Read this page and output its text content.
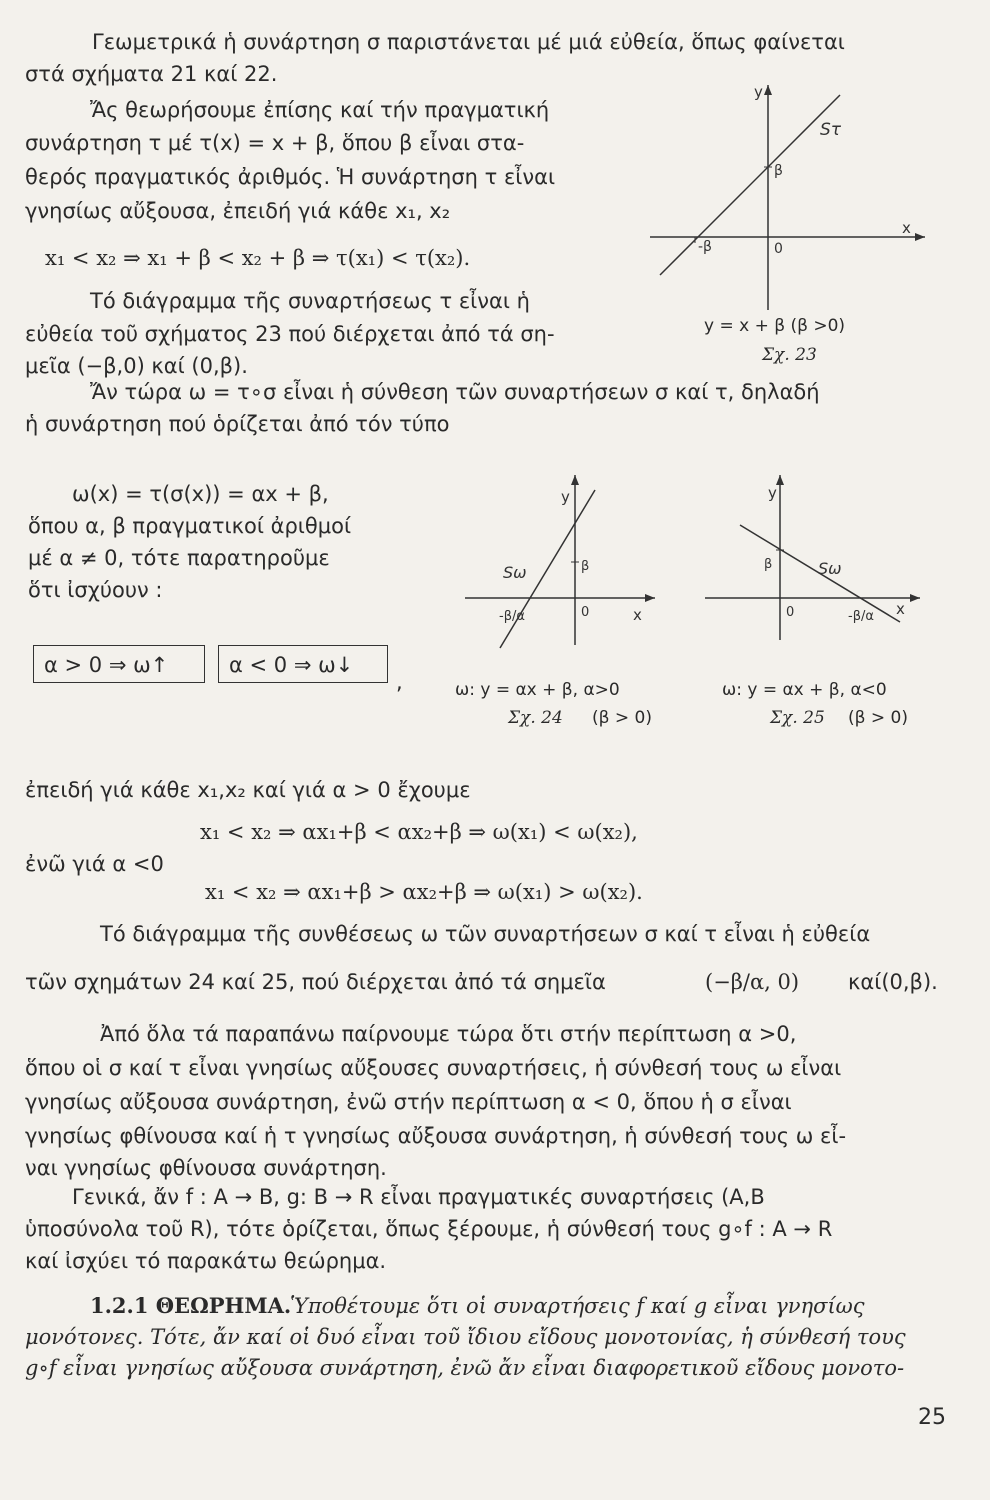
Γεωμετρικά ἡ συνάρτηση σ παριστάνεται μέ μιά εὐθεία, ὅπως φαίνεται
στά σχήματα 21 καί 22.
Ἄς θεωρήσουμε ἐπίσης καί τήν πραγματική
συνάρτηση τ μέ τ(x) = x + β, ὅπου β εἶναι στα-
θερός πραγματικός ἀριθμός. Ἡ συνάρτηση τ εἶναι
γνησίως αὔξουσα, ἐπειδή γιά κάθε x₁, x₂
x₁ < x₂ ⇒ x₁ + β < x₂ + β ⇒ τ(x₁) < τ(x₂).
Τό διάγραμμα τῆς συναρτήσεως τ εἶναι ἡ
εὐθεία τοῦ σχήματος 23 πού διέρχεται ἀπό τά ση-
μεῖα (−β,0) καί (0,β).
Ἄν τώρα ω = τ∘σ εἶναι ἡ σύνθεση τῶν συναρτήσεων σ καί τ, δηλαδή
ἡ συνάρτηση πού ὁρίζεται ἀπό τόν τύπο
y
x
Sτ
β
-β	0
y = x + β (β >0)
Σχ. 23
ω(x) = τ(σ(x)) = αx + β,
ὅπου α, β πραγματικοί ἀριθμοί
μέ α ≠ 0, τότε παρατηροῦμε
ὅτι ἰσχύουν :
α > 0 ⇒ ω↑	α < 0 ⇒ ω↓
,
y
x
Sω	β
0
-β/α
ω: y = αx + β, α>0
Σχ. 24 (β > 0)
y
x
Sω
β
0	-β/α
ω: y = αx + β, α<0
Σχ. 25 (β > 0)
ἐπειδή γιά κάθε x₁,x₂ καί γιά α > 0 ἔχουμε
x₁ < x₂ ⇒ αx₁+β < αx₂+β ⇒ ω(x₁) < ω(x₂),
ἐνῶ γιά α <0
x₁ < x₂ ⇒ αx₁+β > αx₂+β ⇒ ω(x₁) > ω(x₂).
Τό διάγραμμα τῆς συνθέσεως ω τῶν συναρτήσεων σ καί τ εἶναι ἡ εὐθεία
τῶν σχημάτων 24 καί 25, πού διέρχεται ἀπό τά σημεῖα	(−β/α, 0) καί(0,β).
Ἀπό ὅλα τά παραπάνω παίρνουμε τώρα ὅτι στήν περίπτωση α >0,
ὅπου οἱ σ καί τ εἶναι γνησίως αὔξουσες συναρτήσεις, ἡ σύνθεσή τους ω εἶναι
γνησίως αὔξουσα συνάρτηση, ἐνῶ στήν περίπτωση α < 0, ὅπου ἡ σ εἶναι
γνησίως φθίνουσα καί ἡ τ γνησίως αὔξουσα συνάρτηση, ἡ σύνθεσή τους ω εἶ-
ναι γνησίως φθίνουσα συνάρτηση.
Γενικά, ἄν f : A → B, g: B → R εἶναι πραγματικές συναρτήσεις (A,B
ὑποσύνολα τοῦ R), τότε ὁρίζεται, ὅπως ξέρουμε, ἡ σύνθεσή τους g∘f : A → R
καί ἰσχύει τό παρακάτω θεώρημα.
1.2.1 ΘΕΩΡΗΜΑ.
Ὑποθέτουμε ὅτι οἱ συναρτήσεις f καί g εἶναι γνησίως
μονότονες. Τότε, ἄν καί οἱ δυό εἶναι τοῦ ἴδιου εἴδους μονοτονίας, ἡ σύνθεσή τους
g∘f εἶναι γνησίως αὔξουσα συνάρτηση, ἐνῶ ἄν εἶναι διαφορετικοῦ εἴδους μονοτο-
25
